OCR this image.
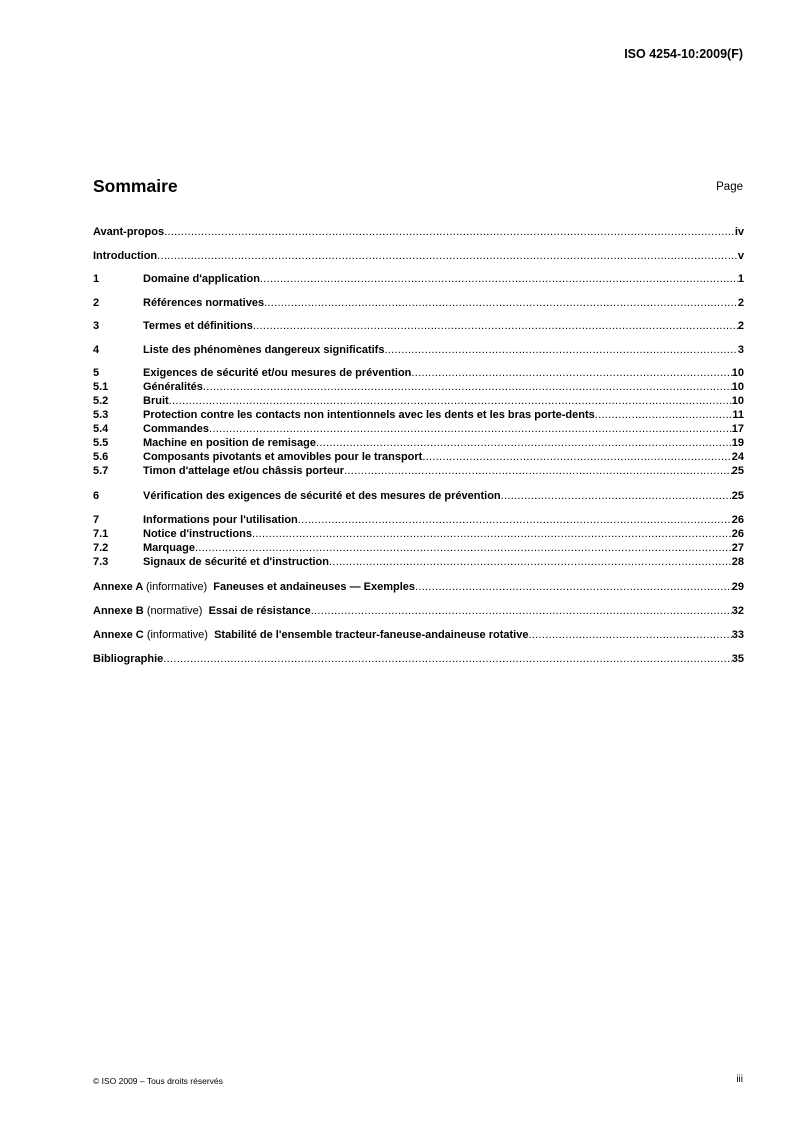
ISO 4254-10:2009(F)
Sommaire	Page
Avant-propos .....	iv
Introduction .....	v
1	Domaine d'application .....	1
2	Références normatives .....	2
3	Termes et définitions .....	2
4	Liste des phénomènes dangereux significatifs .....	3
5	Exigences de sécurité et/ou mesures de prévention .....	10
5.1	Généralités .....	10
5.2	Bruit .....	10
5.3	Protection contre les contacts non intentionnels avec les dents et les bras porte-dents .....	11
5.4	Commandes .....	17
5.5	Machine en position de remisage .....	19
5.6	Composants pivotants et amovibles pour le transport .....	24
5.7	Timon d'attelage et/ou châssis porteur .....	25
6	Vérification des exigences de sécurité et des mesures de prévention .....	25
7	Informations pour l'utilisation .....	26
7.1	Notice d'instructions .....	26
7.2	Marquage .....	27
7.3	Signaux de sécurité et d'instruction .....	28
Annexe A (informative) Faneuses et andaineuses — Exemples .....	29
Annexe B (normative) Essai de résistance .....	32
Annexe C (informative) Stabilité de l'ensemble tracteur-faneuse-andaineuse rotative .....	33
Bibliographie .....	35
© ISO 2009 – Tous droits réservés	iii
